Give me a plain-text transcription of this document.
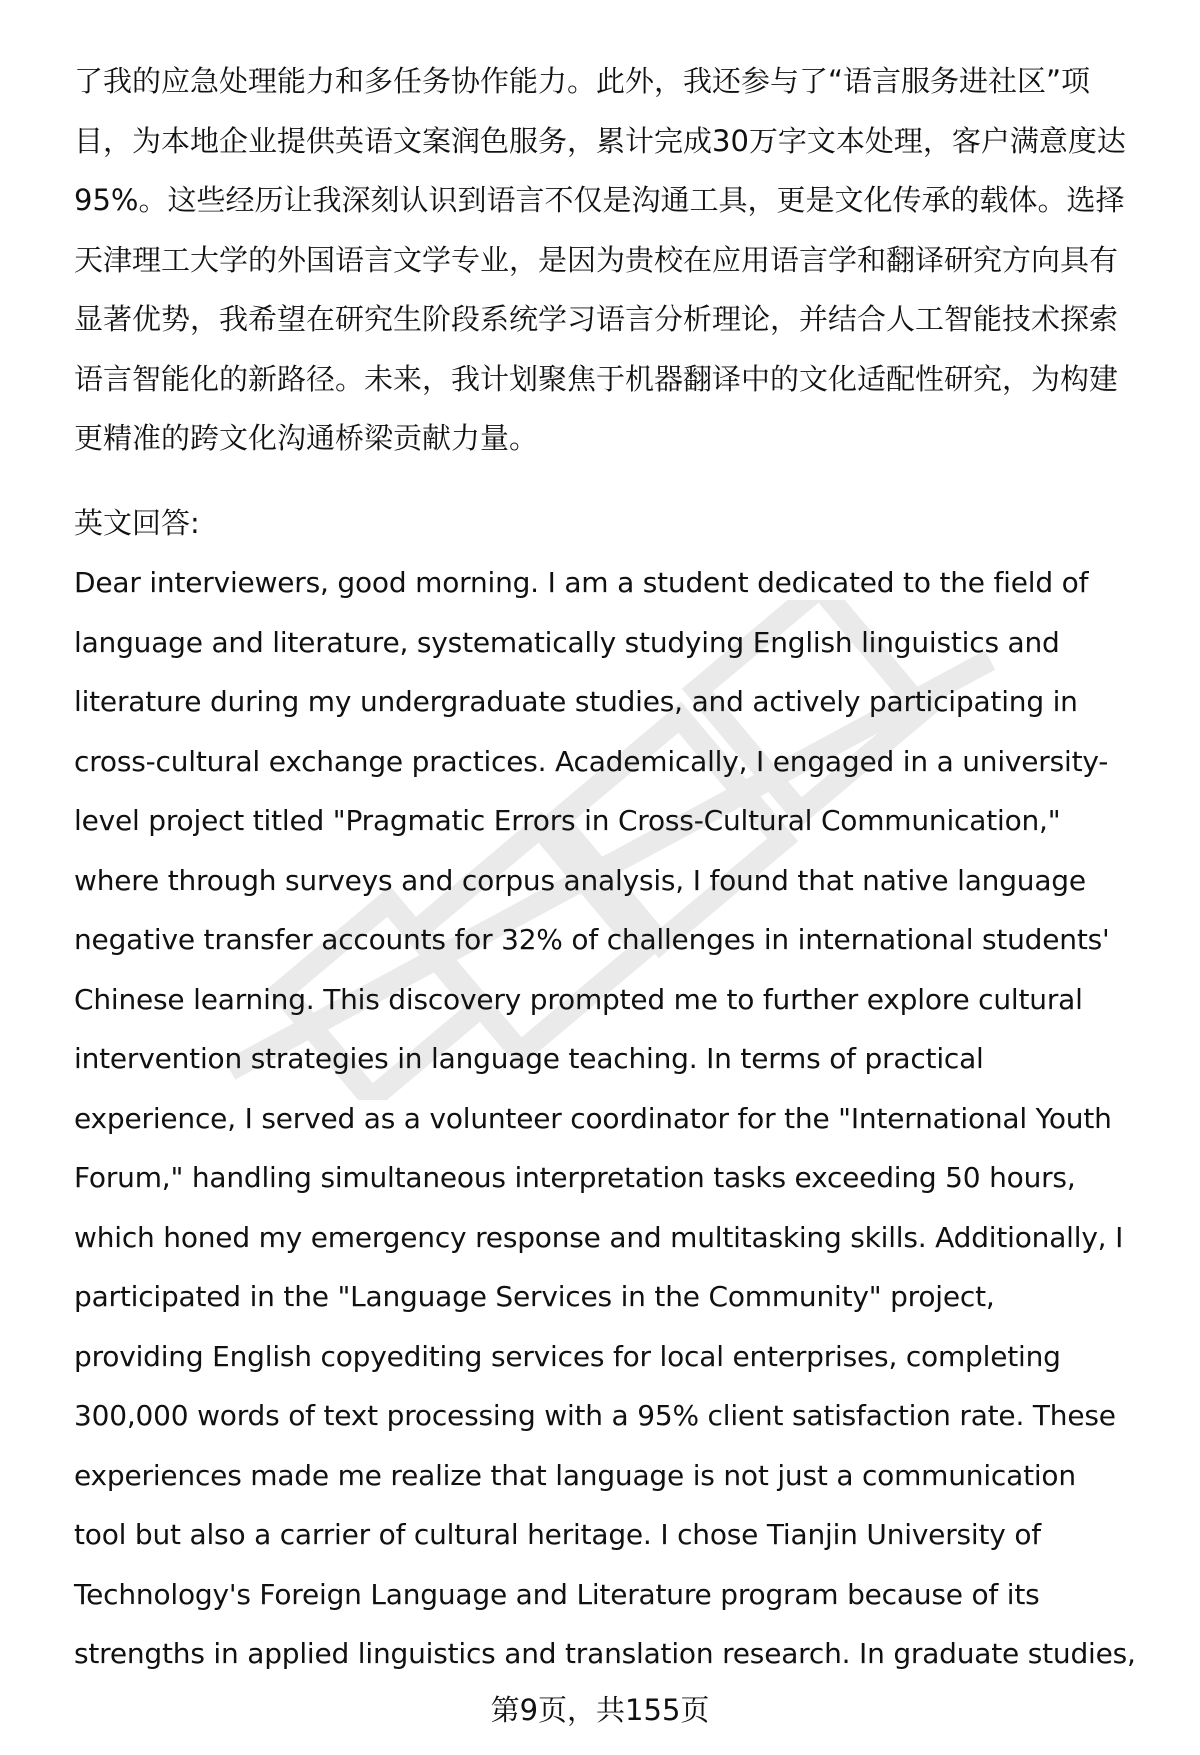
了我的应急处理能力和多任务协作能力。此外，我还参与了“语言服务进社区”项
目，为本地企业提供英语文案润色服务，累计完成30万字文本处理，客户满意度达
95%。这些经历让我深刻认识到语言不仅是沟通工具，更是文化传承的载体。选择
天津理工大学的外国语言文学专业，是因为贵校在应用语言学和翻译研究方向具有
显著优势，我希望在研究生阶段系统学习语言分析理论，并结合人工智能技术探索
语言智能化的新路径。未来，我计划聚焦于机器翻译中的文化适配性研究，为构建
更精准的跨文化沟通桥梁贡献力量。

英文回答:

Dear interviewers, good morning. I am a student dedicated to the field of
language and literature, systematically studying English linguistics and
literature during my undergraduate studies, and actively participating in
cross-cultural exchange practices. Academically, I engaged in a university-
level project titled "Pragmatic Errors in Cross-Cultural Communication,"
where through surveys and corpus analysis, I found that native language
negative transfer accounts for 32% of challenges in international students'
Chinese learning. This discovery prompted me to further explore cultural
intervention strategies in language teaching. In terms of practical
experience, I served as a volunteer coordinator for the "International Youth
Forum," handling simultaneous interpretation tasks exceeding 50 hours,
which honed my emergency response and multitasking skills. Additionally, I
participated in the "Language Services in the Community" project,
providing English copyediting services for local enterprises, completing
300,000 words of text processing with a 95% client satisfaction rate. These
experiences made me realize that language is not just a communication
tool but also a carrier of cultural heritage. I chose Tianjin University of
Technology's Foreign Language and Literature program because of its
strengths in applied linguistics and translation research. In graduate studies,

第9页，共155页
